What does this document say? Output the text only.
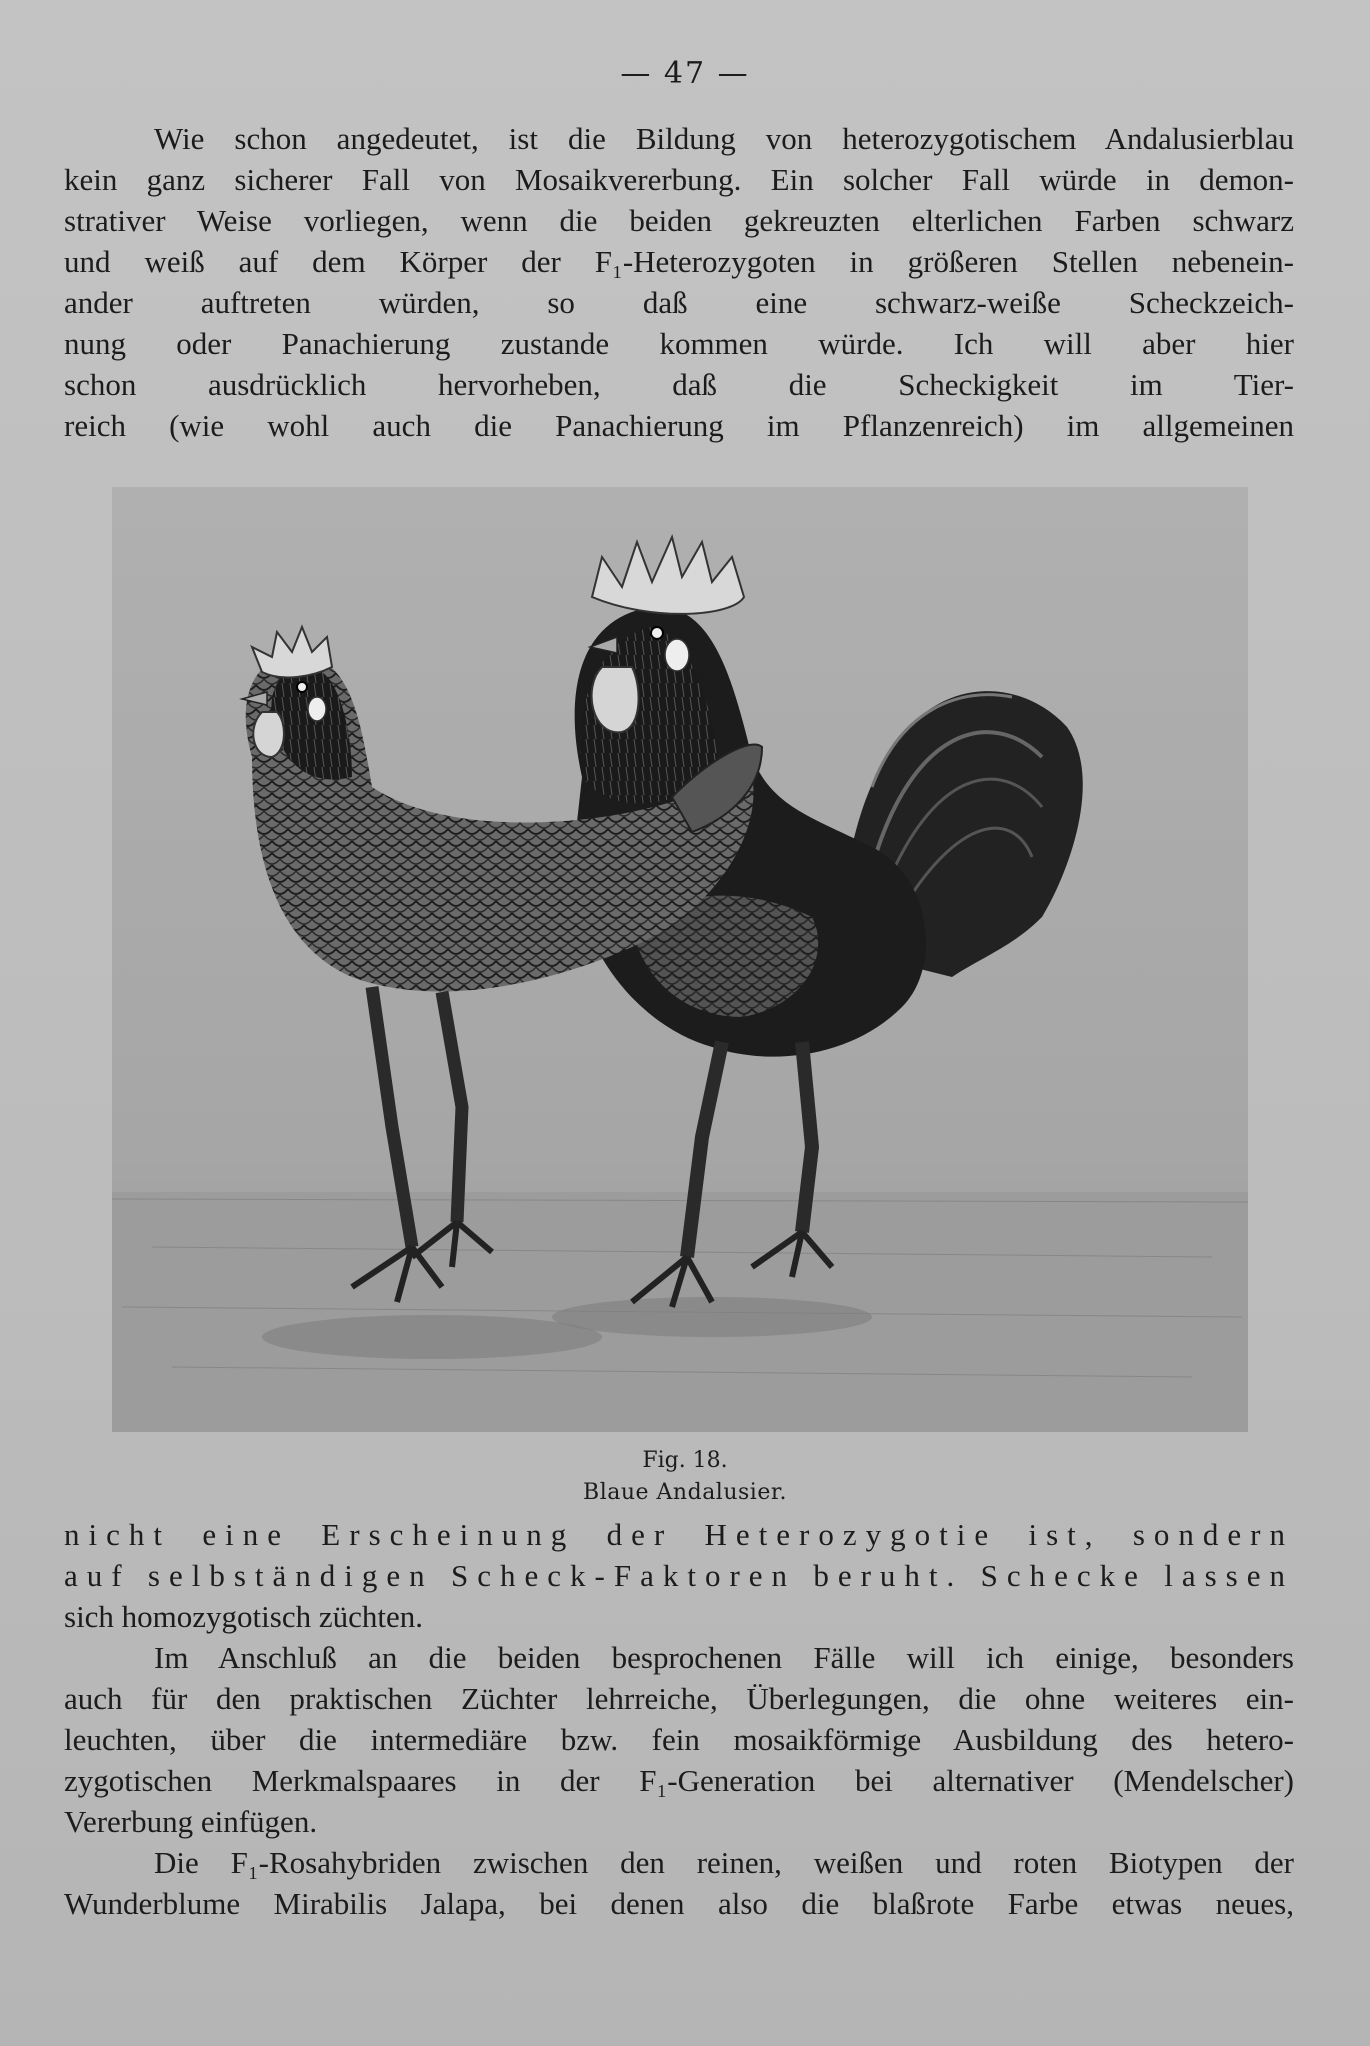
— 47 —
Wie schon angedeutet, ist die Bildung von heterozygotischem Andalusierblau
kein ganz sicherer Fall von Mosaikvererbung. Ein solcher Fall würde in demon-
strativer Weise vorliegen, wenn die beiden gekreuzten elterlichen Farben schwarz
und weiß auf dem Körper der F₁-Heterozygoten in größeren Stellen nebenein-
ander auftreten würden, so daß eine schwarz-weiße Scheckzeich-
nung oder Panachierung zustande kommen würde. Ich will aber hier
schon ausdrücklich hervorheben, daß die Scheckigkeit im Tier-
reich (wie wohl auch die Panachierung im Pflanzenreich) im allgemeinen
Fig. 18.
Blaue Andalusier.
nicht eine Erscheinung der Heterozygotie ist, sondern
auf selbständigen Scheck-Faktoren beruht. Schecke lassen
sich homozygotisch züchten.
Im Anschluß an die beiden besprochenen Fälle will ich einige, besonders
auch für den praktischen Züchter lehrreiche, Überlegungen, die ohne weiteres ein-
leuchten, über die intermediäre bzw. fein mosaikförmige Ausbildung des hetero-
zygotischen Merkmalspaares in der F₁-Generation bei alternativer (Mendelscher)
Vererbung einfügen.
Die F₁-Rosahybriden zwischen den reinen, weißen und roten Biotypen der
Wunderblume Mirabilis Jalapa, bei denen also die blaßrote Farbe etwas neues,
